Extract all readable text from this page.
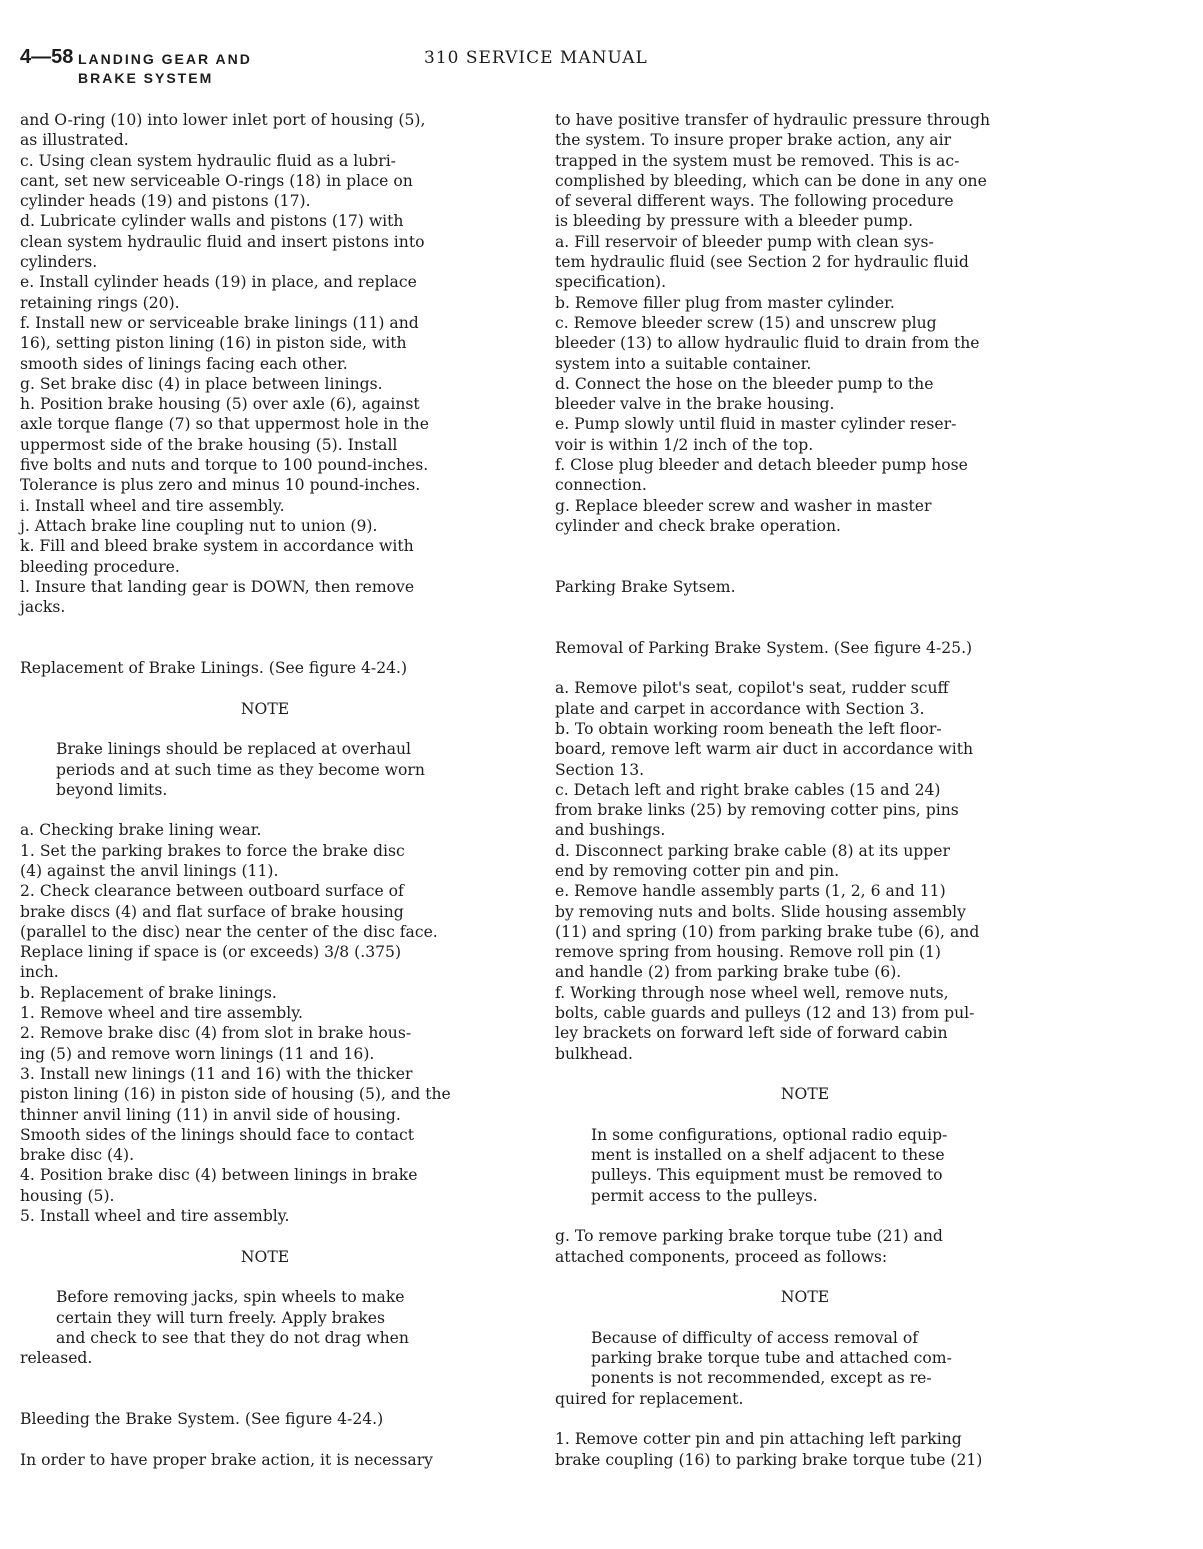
4—58 LANDING GEAR AND
BRAKE SYSTEM
310 SERVICE MANUAL
and O-ring (10) into lower inlet port of housing (5),
as illustrated.
c. Using clean system hydraulic fluid as a lubri-
cant, set new serviceable O-rings (18) in place on
cylinder heads (19) and pistons (17).
d. Lubricate cylinder walls and pistons (17) with
clean system hydraulic fluid and insert pistons into
cylinders.
e. Install cylinder heads (19) in place, and replace
retaining rings (20).
f. Install new or serviceable brake linings (11) and
16), setting piston lining (16) in piston side, with
smooth sides of linings facing each other.
g. Set brake disc (4) in place between linings.
h. Position brake housing (5) over axle (6), against
axle torque flange (7) so that uppermost hole in the
uppermost side of the brake housing (5). Install
five bolts and nuts and torque to 100 pound-inches.
Tolerance is plus zero and minus 10 pound-inches.
i. Install wheel and tire assembly.
j. Attach brake line coupling nut to union (9).
k. Fill and bleed brake system in accordance with
bleeding procedure.
l. Insure that landing gear is DOWN, then remove
jacks.
Replacement of Brake Linings. (See figure 4-24.)
NOTE
Brake linings should be replaced at overhaul
periods and at such time as they become worn
beyond limits.
a. Checking brake lining wear.
1. Set the parking brakes to force the brake disc
(4) against the anvil linings (11).
2. Check clearance between outboard surface of
brake discs (4) and flat surface of brake housing
(parallel to the disc) near the center of the disc face.
Replace lining if space is (or exceeds) 3/8 (.375)
inch.
b. Replacement of brake linings.
1. Remove wheel and tire assembly.
2. Remove brake disc (4) from slot in brake hous-
ing (5) and remove worn linings (11 and 16).
3. Install new linings (11 and 16) with the thicker
piston lining (16) in piston side of housing (5), and the
thinner anvil lining (11) in anvil side of housing.
Smooth sides of the linings should face to contact
brake disc (4).
4. Position brake disc (4) between linings in brake
housing (5).
5. Install wheel and tire assembly.
NOTE
Before removing jacks, spin wheels to make
certain they will turn freely. Apply brakes
and check to see that they do not drag when
released.
Bleeding the Brake System. (See figure 4-24.)
In order to have proper brake action, it is necessary
to have positive transfer of hydraulic pressure through
the system. To insure proper brake action, any air
trapped in the system must be removed. This is ac-
complished by bleeding, which can be done in any one
of several different ways. The following procedure
is bleeding by pressure with a bleeder pump.
a. Fill reservoir of bleeder pump with clean sys-
tem hydraulic fluid (see Section 2 for hydraulic fluid
specification).
b. Remove filler plug from master cylinder.
c. Remove bleeder screw (15) and unscrew plug
bleeder (13) to allow hydraulic fluid to drain from the
system into a suitable container.
d. Connect the hose on the bleeder pump to the
bleeder valve in the brake housing.
e. Pump slowly until fluid in master cylinder reser-
voir is within 1/2 inch of the top.
f. Close plug bleeder and detach bleeder pump hose
connection.
g. Replace bleeder screw and washer in master
cylinder and check brake operation.
Parking Brake Sytsem.
Removal of Parking Brake System. (See figure 4-25.)
a. Remove pilot's seat, copilot's seat, rudder scuff
plate and carpet in accordance with Section 3.
b. To obtain working room beneath the left floor-
board, remove left warm air duct in accordance with
Section 13.
c. Detach left and right brake cables (15 and 24)
from brake links (25) by removing cotter pins, pins
and bushings.
d. Disconnect parking brake cable (8) at its upper
end by removing cotter pin and pin.
e. Remove handle assembly parts (1, 2, 6 and 11)
by removing nuts and bolts. Slide housing assembly
(11) and spring (10) from parking brake tube (6), and
remove spring from housing. Remove roll pin (1)
and handle (2) from parking brake tube (6).
f. Working through nose wheel well, remove nuts,
bolts, cable guards and pulleys (12 and 13) from pul-
ley brackets on forward left side of forward cabin
bulkhead.
NOTE
In some configurations, optional radio equip-
ment is installed on a shelf adjacent to these
pulleys. This equipment must be removed to
permit access to the pulleys.
g. To remove parking brake torque tube (21) and
attached components, proceed as follows:
NOTE
Because of difficulty of access removal of
parking brake torque tube and attached com-
ponents is not recommended, except as re-
quired for replacement.
1. Remove cotter pin and pin attaching left parking
brake coupling (16) to parking brake torque tube (21)
